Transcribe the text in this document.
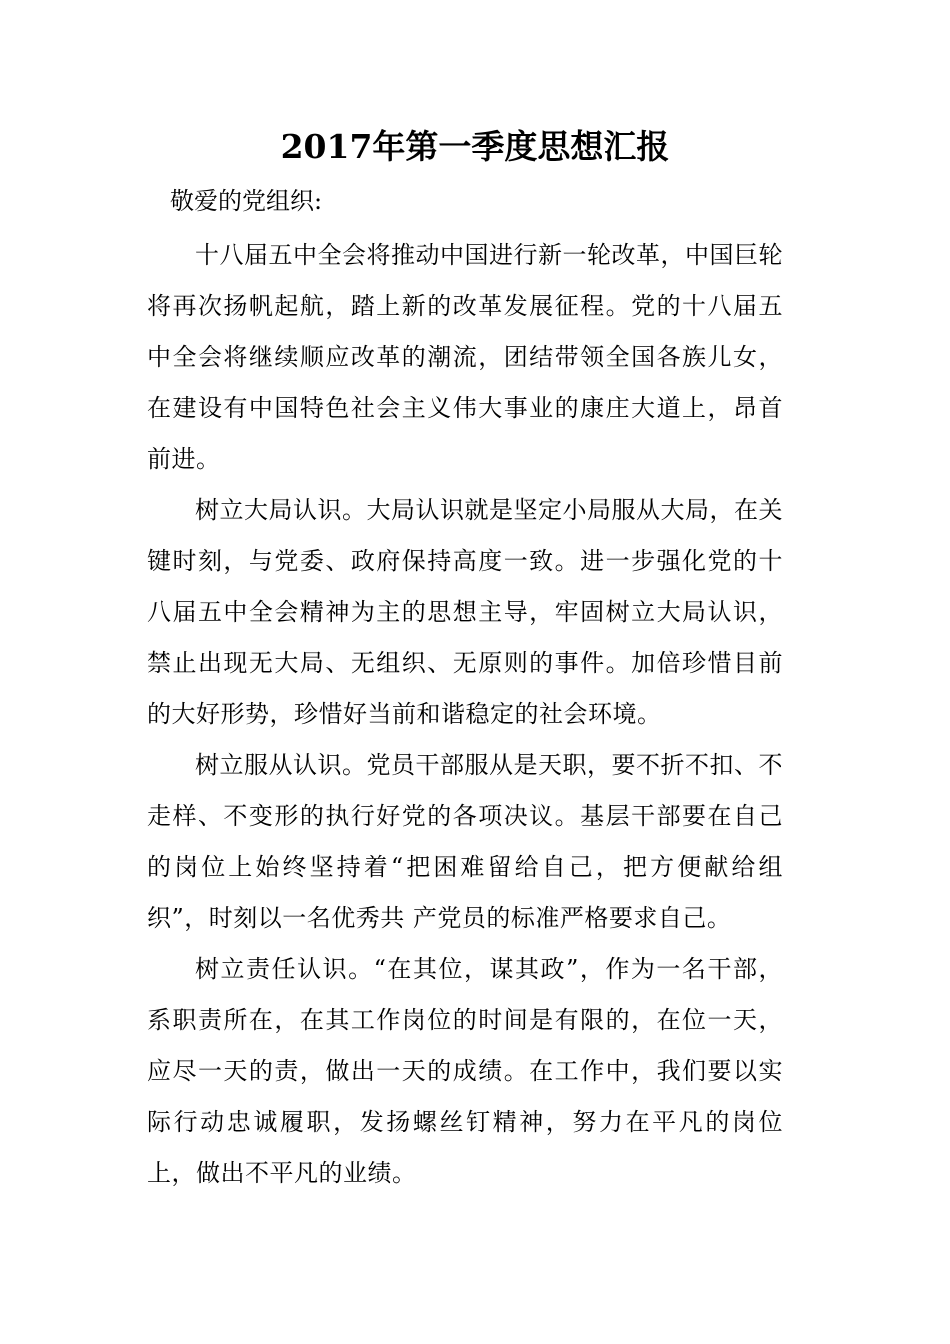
2017年第一季度思想汇报

敬爱的党组织:

十八届五中全会将推动中国进行新一轮改革，中国巨轮将再次扬帆起航，踏上新的改革发展征程。党的十八届五中全会将继续顺应改革的潮流，团结带领全国各族儿女，在建设有中国特色社会主义伟大事业的康庄大道上，昂首前进。

树立大局认识。大局认识就是坚定小局服从大局，在关键时刻，与党委、政府保持高度一致。进一步强化党的十八届五中全会精神为主的思想主导，牢固树立大局认识，禁止出现无大局、无组织、无原则的事件。加倍珍惜目前的大好形势，珍惜好当前和谐稳定的社会环境。

树立服从认识。党员干部服从是天职，要不折不扣、不走样、不变形的执行好党的各项决议。基层干部要在自己的岗位上始终坚持着“把困难留给自己，把方便献给组织”，时刻以一名优秀共 产党员的标准严格要求自己。

树立责任认识。“在其位，谋其政”，作为一名干部，系职责所在，在其工作岗位的时间是有限的，在位一天，应尽一天的责，做出一天的成绩。在工作中，我们要以实际行动忠诚履职，发扬螺丝钉精神，努力在平凡的岗位上，做出不平凡的业绩。
